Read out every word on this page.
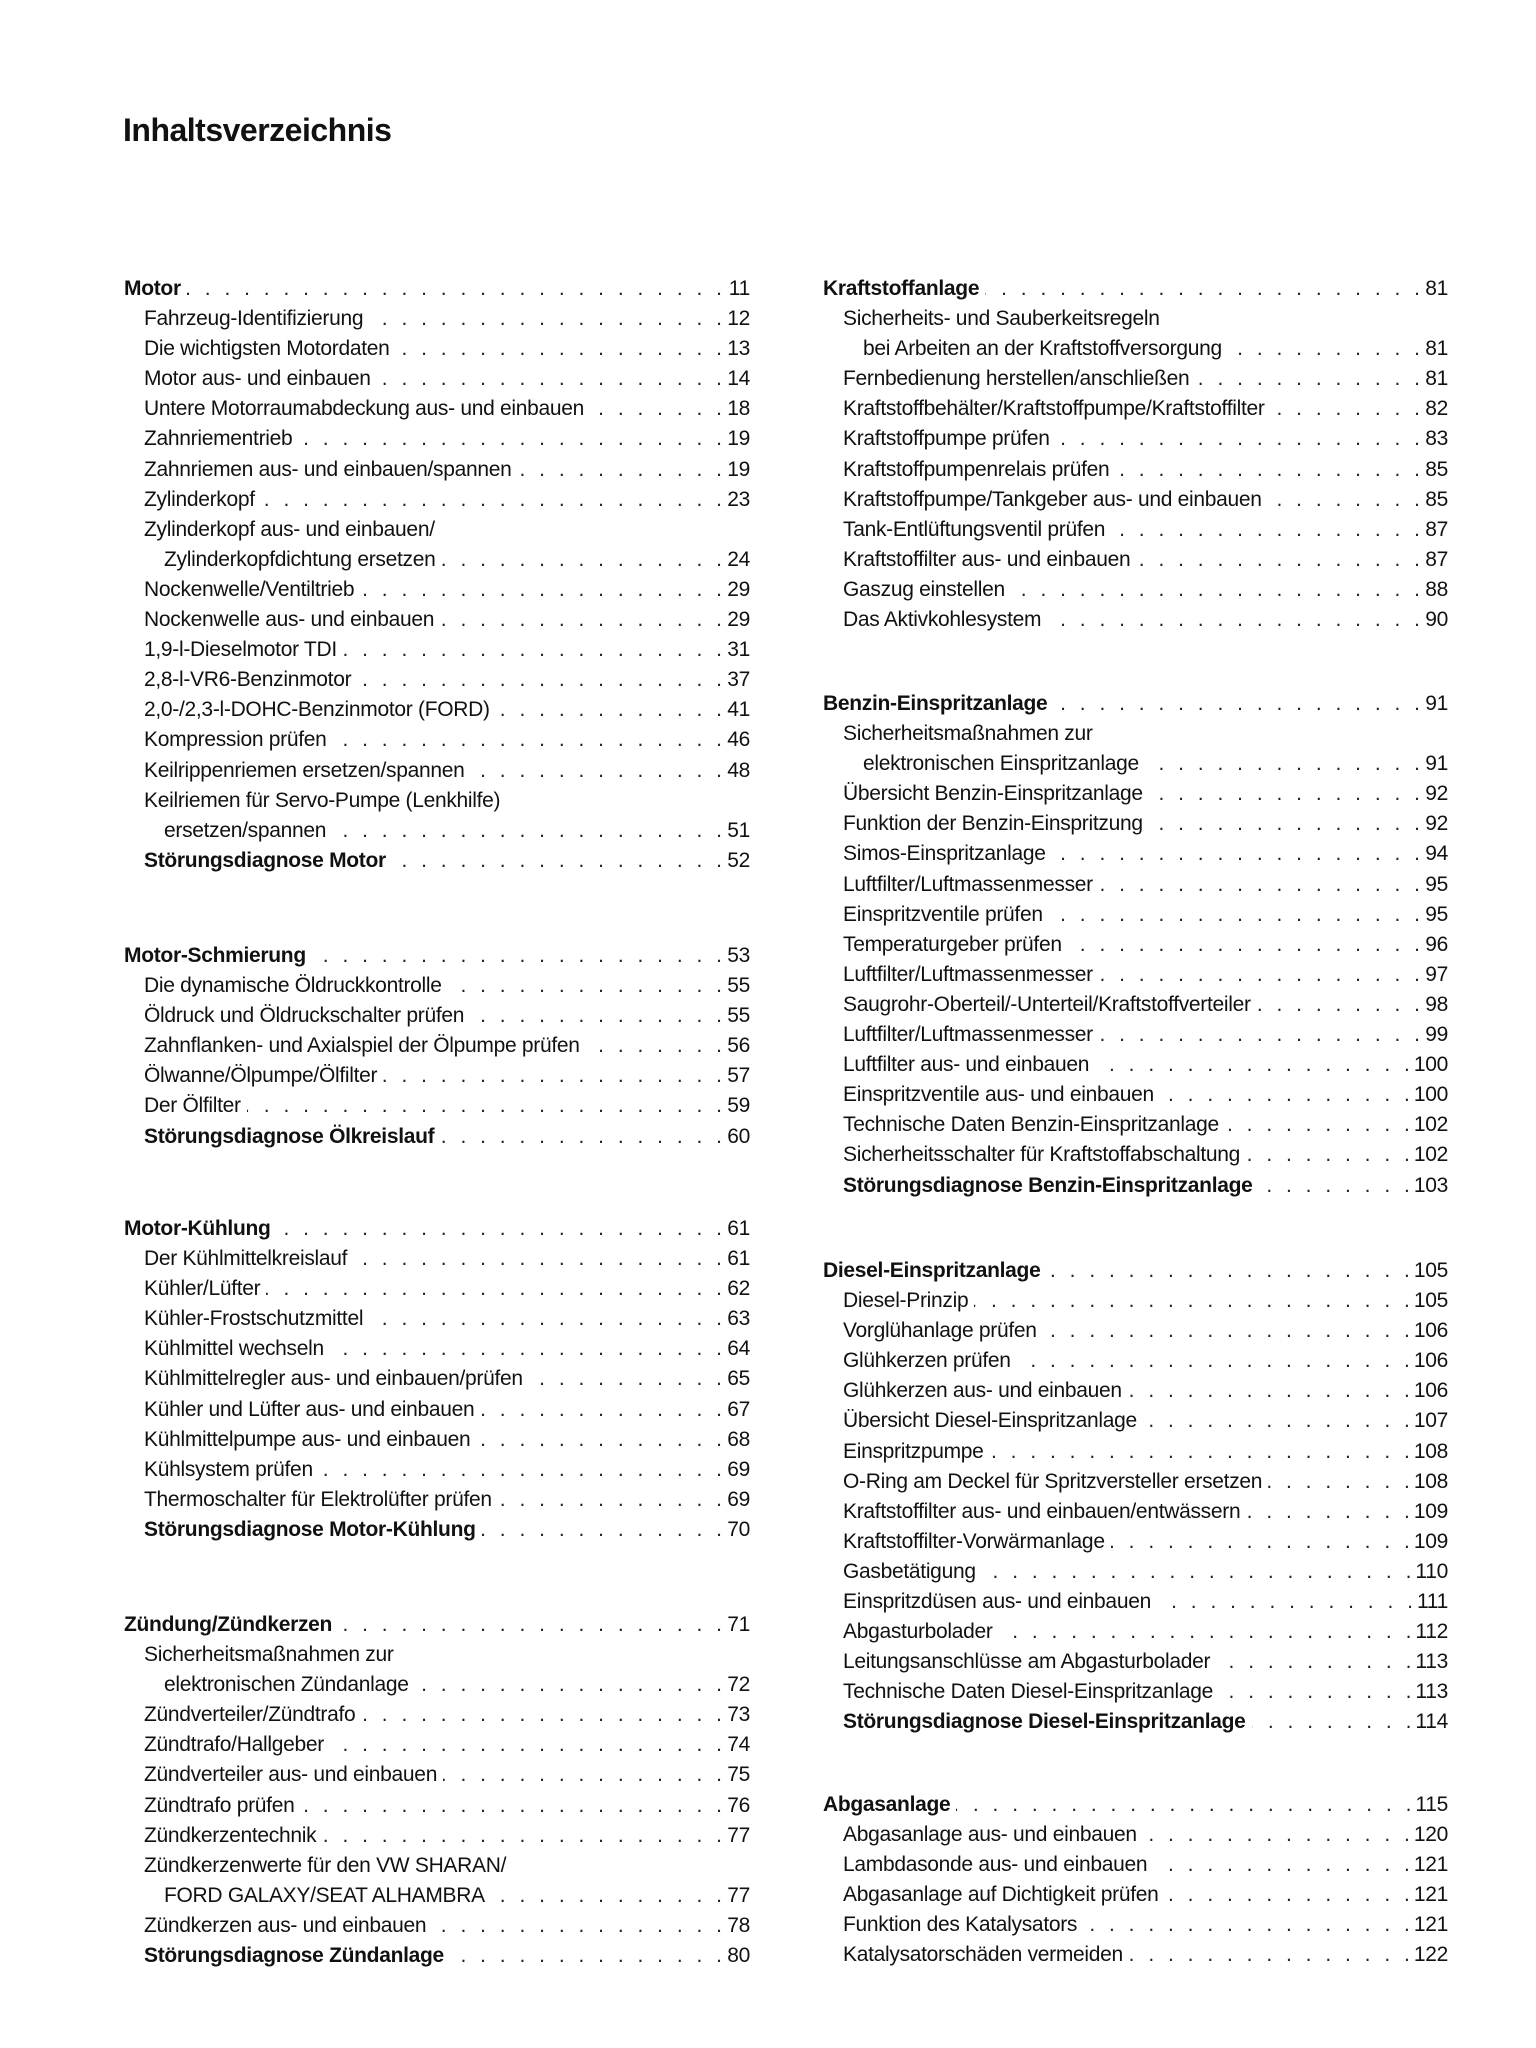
Inhaltsverzeichnis
Motor . . .	11
Fahrzeug-Identifizierung . . .	12
Die wichtigsten Motordaten . . .	13
Motor aus- und einbauen . . .	14
Untere Motorraumabdeckung aus- und einbauen . . .	18
Zahnriementrieb . . .	19
Zahnriemen aus- und einbauen/spannen . . .	19
Zylinderkopf . . .	23
Zylinderkopf aus- und einbauen/
Zylinderkopfdichtung ersetzen . . .	24
Nockenwelle/Ventiltrieb . . .	29
Nockenwelle aus- und einbauen . . .	29
1,9-l-Dieselmotor TDI . . .	31
2,8-l-VR6-Benzinmotor . . .	37
2,0-/2,3-l-DOHC-Benzinmotor (FORD) . . .	41
Kompression prüfen . . .	46
Keilrippenriemen ersetzen/spannen . . .	48
Keilriemen für Servo-Pumpe (Lenkhilfe)
ersetzen/spannen . . .	51
Störungsdiagnose Motor . . .	52
Motor-Schmierung . . .	53
Die dynamische Öldruckkontrolle . . .	55
Öldruck und Öldruckschalter prüfen . . .	55
Zahnflanken- und Axialspiel der Ölpumpe prüfen . . .	56
Ölwanne/Ölpumpe/Ölfilter . . .	57
Der Ölfilter . . .	59
Störungsdiagnose Ölkreislauf . . .	60
Motor-Kühlung . . .	61
Der Kühlmittelkreislauf . . .	61
Kühler/Lüfter . . .	62
Kühler-Frostschutzmittel . . .	63
Kühlmittel wechseln . . .	64
Kühlmittelregler aus- und einbauen/prüfen . . .	65
Kühler und Lüfter aus- und einbauen . . .	67
Kühlmittelpumpe aus- und einbauen . . .	68
Kühlsystem prüfen . . .	69
Thermoschalter für Elektrolüfter prüfen . . .	69
Störungsdiagnose Motor-Kühlung . . .	70
Zündung/Zündkerzen . . .	71
Sicherheitsmaßnahmen zur
elektronischen Zündanlage . . .	72
Zündverteiler/Zündtrafo . . .	73
Zündtrafo/Hallgeber . . .	74
Zündverteiler aus- und einbauen . . .	75
Zündtrafo prüfen . . .	76
Zündkerzentechnik . . .	77
Zündkerzenwerte für den VW SHARAN/
FORD GALAXY/SEAT ALHAMBRA . . .	77
Zündkerzen aus- und einbauen . . .	78
Störungsdiagnose Zündanlage . . .	80
Kraftstoffanlage . . .	81
Sicherheits- und Sauberkeitsregeln
bei Arbeiten an der Kraftstoffversorgung . . .	81
Fernbedienung herstellen/anschließen . . .	81
Kraftstoffbehälter/Kraftstoffpumpe/Kraftstoffilter . . .	82
Kraftstoffpumpe prüfen . . .	83
Kraftstoffpumpenrelais prüfen . . .	85
Kraftstoffpumpe/Tankgeber aus- und einbauen . . .	85
Tank-Entlüftungsventil prüfen . . .	87
Kraftstoffilter aus- und einbauen . . .	87
Gaszug einstellen . . .	88
Das Aktivkohlesystem . . .	90
Benzin-Einspritzanlage . . .	91
Sicherheitsmaßnahmen zur
elektronischen Einspritzanlage . . .	91
Übersicht Benzin-Einspritzanlage . . .	92
Funktion der Benzin-Einspritzung . . .	92
Simos-Einspritzanlage . . .	94
Luftfilter/Luftmassenmesser . . .	95
Einspritzventile prüfen . . .	95
Temperaturgeber prüfen . . .	96
Luftfilter/Luftmassenmesser . . .	97
Saugrohr-Oberteil/-Unterteil/Kraftstoffverteiler . . .	98
Luftfilter/Luftmassenmesser . . .	99
Luftfilter aus- und einbauen . . .	100
Einspritzventile aus- und einbauen . . .	100
Technische Daten Benzin-Einspritzanlage . . .	102
Sicherheitsschalter für Kraftstoffabschaltung . . .	102
Störungsdiagnose Benzin-Einspritzanlage . . .	103
Diesel-Einspritzanlage . . .	105
Diesel-Prinzip . . .	105
Vorglühanlage prüfen . . .	106
Glühkerzen prüfen . . .	106
Glühkerzen aus- und einbauen . . .	106
Übersicht Diesel-Einspritzanlage . . .	107
Einspritzpumpe . . .	108
O-Ring am Deckel für Spritzversteller ersetzen . . .	108
Kraftstoffilter aus- und einbauen/entwässern . . .	109
Kraftstoffilter-Vorwärmanlage . . .	109
Gasbetätigung . . .	110
Einspritzdüsen aus- und einbauen . . .	111
Abgasturbolader . . .	112
Leitungsanschlüsse am Abgasturbolader . . .	113
Technische Daten Diesel-Einspritzanlage . . .	113
Störungsdiagnose Diesel-Einspritzanlage . . .	114
Abgasanlage . . .	115
Abgasanlage aus- und einbauen . . .	120
Lambdasonde aus- und einbauen . . .	121
Abgasanlage auf Dichtigkeit prüfen . . .	121
Funktion des Katalysators . . .	121
Katalysatorschäden vermeiden . . .	122
